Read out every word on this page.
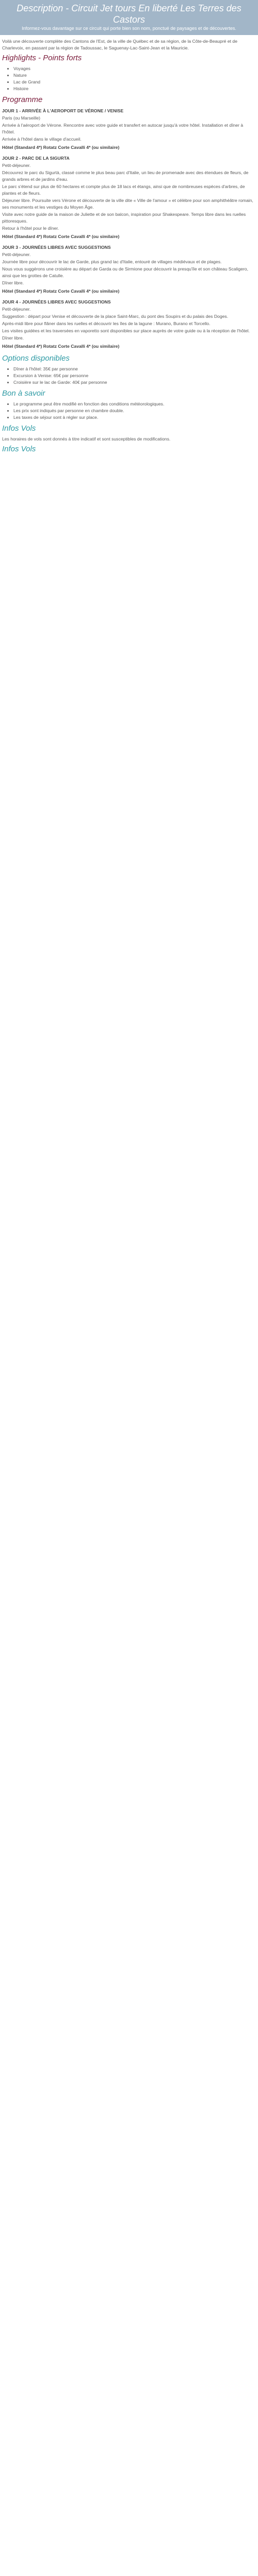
Description - Circuit Jet tours En liberté Les Terres des Castors
Informez-vous davantage sur ce circuit qui porte bien son nom, ponctué de paysages et de découvertes.

Voilà une découverte complète des Cantons de l'Est, de la ville de Québec et de sa région, de la Côte-de-Beaupré et de Charlevoix, en passant par la région de Tadoussac, le Saguenay-Lac-Saint-Jean et la Mauricie.

Highlights - Points forts
• Voyages
• Nature
• Lac de Grand
• Histoire
Programme
JOUR 1 - ARRIVÉE À L'AEROPORT DE VÉRONE / VENISE

Paris (ou Marseille)

Arrivée à l'aéroport de Vérone. Rencontre avec votre guide et transfert en autocar jusqu'à votre hôtel. Installation et dîner à l'hôtel.

Arrivée à l'hôtel dans le village d'accueil.

Hôtel (Standard 4*) Rotatz Corte Cavalli 4* (ou similaire)
JOUR 2 - PARC DE LA SIGURTA

Petit-déjeuner.

Découvrez le parc du Sigurtà, classé comme le plus beau parc d'Italie, un lieu de promenade avec des étendues de fleurs, de grands arbres et de jardins d'eau.

Le parc s'étend sur plus de 60 hectares et compte plus de 18 lacs et étangs, ainsi que de nombreuses espèces d'arbres, de plantes et de fleurs.

Déjeuner libre. Poursuite vers Vérone et découverte de la ville dite « Ville de l'amour » et célèbre pour son amphithéâtre romain, ses monuments et les vestiges du Moyen Âge.

Visite avec notre guide de la maison de Juliette et de son balcon, inspiration pour Shakespeare. Temps libre dans les ruelles pittoresques.

Retour à l'hôtel pour le dîner.

Hôtel (Standard 4*) Rotatz Corte Cavalli 4* (ou similaire)
JOUR 3 - JOURNÉES LIBRES AVEC SUGGESTIONS

Petit-déjeuner.

Journée libre pour découvrir le lac de Garde, plus grand lac d'Italie, entouré de villages médiévaux et de plages.

Nous vous suggérons une croisière au départ de Garda ou de Sirmione pour découvrir la presqu'île et son château Scaligero, ainsi que les grottes de Catulle.

Dîner libre.

Hôtel (Standard 4*) Rotatz Corte Cavalli 4* (ou similaire)
JOUR 4 - JOURNÉES LIBRES AVEC SUGGESTIONS

Petit-déjeuner.

Suggestion : départ pour Venise et découverte de la place Saint-Marc, du pont des Soupirs et du palais des Doges.

Après-midi libre pour flâner dans les ruelles et découvrir les îles de la lagune : Murano, Burano et Torcello.

Les visites guidées et les traversées en vaporetto sont disponibles sur place auprès de votre guide ou à la réception de l'hôtel.

Dîner libre.

Hôtel (Standard 4*) Rotatz Corte Cavalli 4* (ou similaire)
Options disponibles
• Dîner à l'hôtel: 35€ par personne
• Excursion à Venise: 65€ par personne
• Croisière sur le lac de Garde: 40€ par personne
Bon à savoir
• Le programme peut être modifié en fonction des conditions météorologiques.
• Les prix sont indiqués par personne en chambre double.
• Les taxes de séjour sont à régler sur place.
Infos Vols

Les horaires de vols sont donnés à titre indicatif et sont susceptibles de modifications.

Infos Vols
